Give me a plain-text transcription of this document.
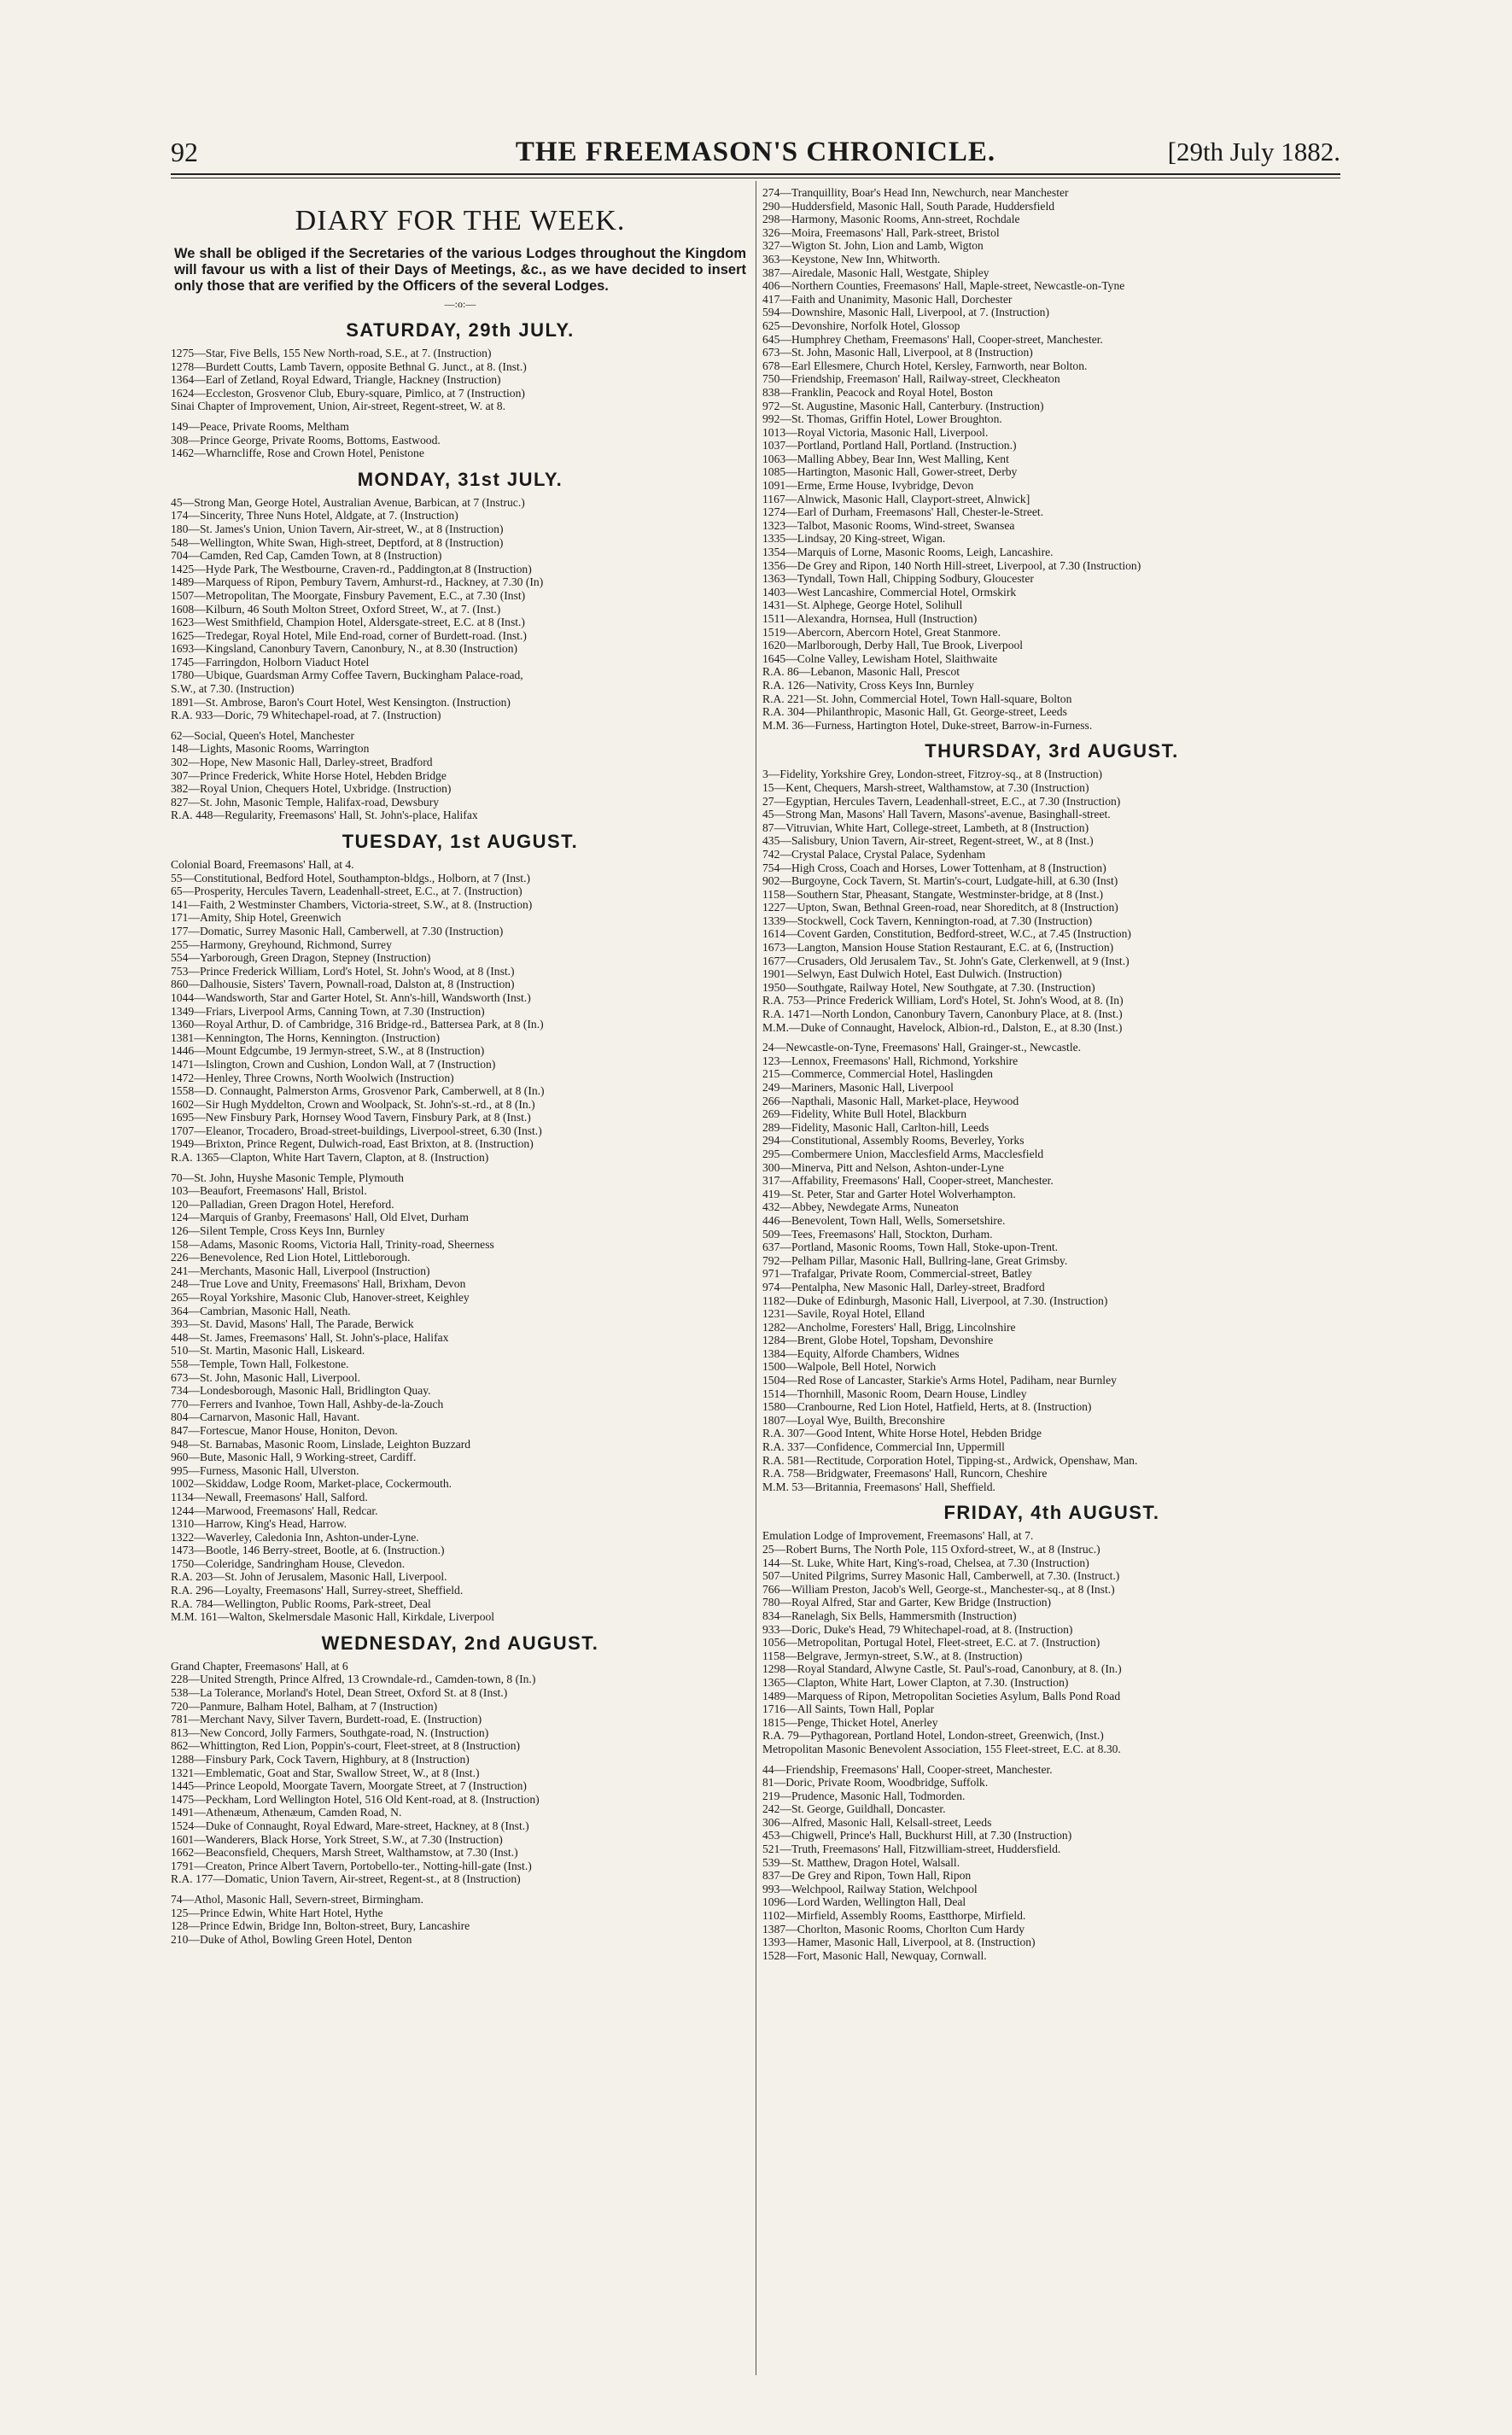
92	THE FREEMASON'S CHRONICLE.	[29th July 1882.
DIARY FOR THE WEEK.
We shall be obliged if the Secretaries of the various Lodges throughout the Kingdom will favour us with a list of their Days of Meetings, &c., as we have decided to insert only those that are verified by the Officers of the several Lodges.
—:o:—
SATURDAY, 29th JULY.
1275—Star, Five Bells, 155 New North-road, S.E., at 7. (Instruction)
1278—Burdett Coutts, Lamb Tavern, opposite Bethnal G. Junct., at 8. (Inst.)
1364—Earl of Zetland, Royal Edward, Triangle, Hackney (Instruction)
1624—Eccleston, Grosvenor Club, Ebury-square, Pimlico, at 7 (Instruction)
Sinai Chapter of Improvement, Union, Air-street, Regent-street, W. at 8.
149—Peace, Private Rooms, Meltham
308—Prince George, Private Rooms, Bottoms, Eastwood.
1462—Wharncliffe, Rose and Crown Hotel, Penistone
MONDAY, 31st JULY.
45—Strong Man, George Hotel, Australian Avenue, Barbican, at 7 (Instruc.)
174—Sincerity, Three Nuns Hotel, Aldgate, at 7. (Instruction)
180—St. James's Union, Union Tavern, Air-street, W., at 8 (Instruction)
548—Wellington, White Swan, High-street, Deptford, at 8 (Instruction)
704—Camden, Red Cap, Camden Town, at 8 (Instruction)
1425—Hyde Park, The Westbourne, Craven-rd., Paddington,at 8 (Instruction)
1489—Marquess of Ripon, Pembury Tavern, Amhurst-rd., Hackney, at 7.30 (In)
1507—Metropolitan, The Moorgate, Finsbury Pavement, E.C., at 7.30 (Inst)
1608—Kilburn, 46 South Molton Street, Oxford Street, W., at 7. (Inst.)
1623—West Smithfield, Champion Hotel, Aldersgate-street, E.C. at 8 (Inst.)
1625—Tredegar, Royal Hotel, Mile End-road, corner of Burdett-road. (Inst.)
1693—Kingsland, Canonbury Tavern, Canonbury, N., at 8.30 (Instruction)
1745—Farringdon, Holborn Viaduct Hotel
1780—Ubique, Guardsman Army Coffee Tavern, Buckingham Palace-road,
S.W., at 7.30. (Instruction)
1891—St. Ambrose, Baron's Court Hotel, West Kensington. (Instruction)
R.A. 933—Doric, 79 Whitechapel-road, at 7. (Instruction)
62—Social, Queen's Hotel, Manchester
148—Lights, Masonic Rooms, Warrington
302—Hope, New Masonic Hall, Darley-street, Bradford
307—Prince Frederick, White Horse Hotel, Hebden Bridge
382—Royal Union, Chequers Hotel, Uxbridge. (Instruction)
827—St. John, Masonic Temple, Halifax-road, Dewsbury
R.A. 448—Regularity, Freemasons' Hall, St. John's-place, Halifax
TUESDAY, 1st AUGUST.
Colonial Board, Freemasons' Hall, at 4.
55—Constitutional, Bedford Hotel, Southampton-bldgs., Holborn, at 7 (Inst.)
65—Prosperity, Hercules Tavern, Leadenhall-street, E.C., at 7. (Instruction)
141—Faith, 2 Westminster Chambers, Victoria-street, S.W., at 8. (Instruction)
171—Amity, Ship Hotel, Greenwich
177—Domatic, Surrey Masonic Hall, Camberwell, at 7.30 (Instruction)
255—Harmony, Greyhound, Richmond, Surrey
554—Yarborough, Green Dragon, Stepney (Instruction)
753—Prince Frederick William, Lord's Hotel, St. John's Wood, at 8 (Inst.)
860—Dalhousie, Sisters' Tavern, Pownall-road, Dalston at, 8 (Instruction)
1044—Wandsworth, Star and Garter Hotel, St. Ann's-hill, Wandsworth (Inst.)
1349—Friars, Liverpool Arms, Canning Town, at 7.30 (Instruction)
1360—Royal Arthur, D. of Cambridge, 316 Bridge-rd., Battersea Park, at 8 (In.)
1381—Kennington, The Horns, Kennington. (Instruction)
1446—Mount Edgcumbe, 19 Jermyn-street, S.W., at 8 (Instruction)
1471—Islington, Crown and Cushion, London Wall, at 7 (Instruction)
1472—Henley, Three Crowns, North Woolwich (Instruction)
1558—D. Connaught, Palmerston Arms, Grosvenor Park, Camberwell, at 8 (In.)
1602—Sir Hugh Myddelton, Crown and Woolpack, St. John's-st.-rd., at 8 (In.)
1695—New Finsbury Park, Hornsey Wood Tavern, Finsbury Park, at 8 (Inst.)
1707—Eleanor, Trocadero, Broad-street-buildings, Liverpool-street, 6.30 (Inst.)
1949—Brixton, Prince Regent, Dulwich-road, East Brixton, at 8. (Instruction)
R.A. 1365—Clapton, White Hart Tavern, Clapton, at 8. (Instruction)
70—St. John, Huyshe Masonic Temple, Plymouth
103—Beaufort, Freemasons' Hall, Bristol.
120—Palladian, Green Dragon Hotel, Hereford.
124—Marquis of Granby, Freemasons' Hall, Old Elvet, Durham
126—Silent Temple, Cross Keys Inn, Burnley
158—Adams, Masonic Rooms, Victoria Hall, Trinity-road, Sheerness
226—Benevolence, Red Lion Hotel, Littleborough.
241—Merchants, Masonic Hall, Liverpool (Instruction)
248—True Love and Unity, Freemasons' Hall, Brixham, Devon
265—Royal Yorkshire, Masonic Club, Hanover-street, Keighley
364—Cambrian, Masonic Hall, Neath.
393—St. David, Masons' Hall, The Parade, Berwick
448—St. James, Freemasons' Hall, St. John's-place, Halifax
510—St. Martin, Masonic Hall, Liskeard.
558—Temple, Town Hall, Folkestone.
673—St. John, Masonic Hall, Liverpool.
734—Londesborough, Masonic Hall, Bridlington Quay.
770—Ferrers and Ivanhoe, Town Hall, Ashby-de-la-Zouch
804—Carnarvon, Masonic Hall, Havant.
847—Fortescue, Manor House, Honiton, Devon.
948—St. Barnabas, Masonic Room, Linslade, Leighton Buzzard
960—Bute, Masonic Hall, 9 Working-street, Cardiff.
995—Furness, Masonic Hall, Ulverston.
1002—Skiddaw, Lodge Room, Market-place, Cockermouth.
1134—Newall, Freemasons' Hall, Salford.
1244—Marwood, Freemasons' Hall, Redcar.
1310—Harrow, King's Head, Harrow.
1322—Waverley, Caledonia Inn, Ashton-under-Lyne.
1473—Bootle, 146 Berry-street, Bootle, at 6. (Instruction.)
1750—Coleridge, Sandringham House, Clevedon.
R.A. 203—St. John of Jerusalem, Masonic Hall, Liverpool.
R.A. 296—Loyalty, Freemasons' Hall, Surrey-street, Sheffield.
R.A. 784—Wellington, Public Rooms, Park-street, Deal
M.M. 161—Walton, Skelmersdale Masonic Hall, Kirkdale, Liverpool
WEDNESDAY, 2nd AUGUST.
Grand Chapter, Freemasons' Hall, at 6
228—United Strength, Prince Alfred, 13 Crowndale-rd., Camden-town, 8 (In.)
538—La Tolerance, Morland's Hotel, Dean Street, Oxford St. at 8 (Inst.)
720—Panmure, Balham Hotel, Balham, at 7 (Instruction)
781—Merchant Navy, Silver Tavern, Burdett-road, E. (Instruction)
813—New Concord, Jolly Farmers, Southgate-road, N. (Instruction)
862—Whittington, Red Lion, Poppin's-court, Fleet-street, at 8 (Instruction)
1288—Finsbury Park, Cock Tavern, Highbury, at 8 (Instruction)
1321—Emblematic, Goat and Star, Swallow Street, W., at 8 (Inst.)
1445—Prince Leopold, Moorgate Tavern, Moorgate Street, at 7 (Instruction)
1475—Peckham, Lord Wellington Hotel, 516 Old Kent-road, at 8. (Instruction)
1491—Athenæum, Athenæum, Camden Road, N.
1524—Duke of Connaught, Royal Edward, Mare-street, Hackney, at 8 (Inst.)
1601—Wanderers, Black Horse, York Street, S.W., at 7.30 (Instruction)
1662—Beaconsfield, Chequers, Marsh Street, Walthamstow, at 7.30 (Inst.)
1791—Creaton, Prince Albert Tavern, Portobello-ter., Notting-hill-gate (Inst.)
R.A. 177—Domatic, Union Tavern, Air-street, Regent-st., at 8 (Instruction)
74—Athol, Masonic Hall, Severn-street, Birmingham.
125—Prince Edwin, White Hart Hotel, Hythe
128—Prince Edwin, Bridge Inn, Bolton-street, Bury, Lancashire
210—Duke of Athol, Bowling Green Hotel, Denton
274—Tranquillity, Boar's Head Inn, Newchurch, near Manchester
290—Huddersfield, Masonic Hall, South Parade, Huddersfield
298—Harmony, Masonic Rooms, Ann-street, Rochdale
326—Moira, Freemasons' Hall, Park-street, Bristol
327—Wigton St. John, Lion and Lamb, Wigton
363—Keystone, New Inn, Whitworth.
387—Airedale, Masonic Hall, Westgate, Shipley
406—Northern Counties, Freemasons' Hall, Maple-street, Newcastle-on-Tyne
417—Faith and Unanimity, Masonic Hall, Dorchester
594—Downshire, Masonic Hall, Liverpool, at 7. (Instruction)
625—Devonshire, Norfolk Hotel, Glossop
645—Humphrey Chetham, Freemasons' Hall, Cooper-street, Manchester.
673—St. John, Masonic Hall, Liverpool, at 8 (Instruction)
678—Earl Ellesmere, Church Hotel, Kersley, Farnworth, near Bolton.
750—Friendship, Freemason' Hall, Railway-street, Cleckheaton
838—Franklin, Peacock and Royal Hotel, Boston
972—St. Augustine, Masonic Hall, Canterbury. (Instruction)
992—St. Thomas, Griffin Hotel, Lower Broughton.
1013—Royal Victoria, Masonic Hall, Liverpool.
1037—Portland, Portland Hall, Portland. (Instruction.)
1063—Malling Abbey, Bear Inn, West Malling, Kent
1085—Hartington, Masonic Hall, Gower-street, Derby
1091—Erme, Erme House, Ivybridge, Devon
1167—Alnwick, Masonic Hall, Clayport-street, Alnwick]
1274—Earl of Durham, Freemasons' Hall, Chester-le-Street.
1323—Talbot, Masonic Rooms, Wind-street, Swansea
1335—Lindsay, 20 King-street, Wigan.
1354—Marquis of Lorne, Masonic Rooms, Leigh, Lancashire.
1356—De Grey and Ripon, 140 North Hill-street, Liverpool, at 7.30 (Instruction)
1363—Tyndall, Town Hall, Chipping Sodbury, Gloucester
1403—West Lancashire, Commercial Hotel, Ormskirk
1431—St. Alphege, George Hotel, Solihull
1511—Alexandra, Hornsea, Hull (Instruction)
1519—Abercorn, Abercorn Hotel, Great Stanmore.
1620—Marlborough, Derby Hall, Tue Brook, Liverpool
1645—Colne Valley, Lewisham Hotel, Slaithwaite
R.A. 86—Lebanon, Masonic Hall, Prescot
R.A. 126—Nativity, Cross Keys Inn, Burnley
R.A. 221—St. John, Commercial Hotel, Town Hall-square, Bolton
R.A. 304—Philanthropic, Masonic Hall, Gt. George-street, Leeds
M.M. 36—Furness, Hartington Hotel, Duke-street, Barrow-in-Furness.
THURSDAY, 3rd AUGUST.
3—Fidelity, Yorkshire Grey, London-street, Fitzroy-sq., at 8 (Instruction)
15—Kent, Chequers, Marsh-street, Walthamstow, at 7.30 (Instruction)
27—Egyptian, Hercules Tavern, Leadenhall-street, E.C., at 7.30 (Instruction)
45—Strong Man, Masons' Hall Tavern, Masons'-avenue, Basinghall-street.
87—Vitruvian, White Hart, College-street, Lambeth, at 8 (Instruction)
435—Salisbury, Union Tavern, Air-street, Regent-street, W., at 8 (Inst.)
742—Crystal Palace, Crystal Palace, Sydenham
754—High Cross, Coach and Horses, Lower Tottenham, at 8 (Instruction)
902—Burgoyne, Cock Tavern, St. Martin's-court, Ludgate-hill, at 6.30 (Inst)
1158—Southern Star, Pheasant, Stangate, Westminster-bridge, at 8 (Inst.)
1227—Upton, Swan, Bethnal Green-road, near Shoreditch, at 8 (Instruction)
1339—Stockwell, Cock Tavern, Kennington-road, at 7.30 (Instruction)
1614—Covent Garden, Constitution, Bedford-street, W.C., at 7.45 (Instruction)
1673—Langton, Mansion House Station Restaurant, E.C. at 6, (Instruction)
1677—Crusaders, Old Jerusalem Tav., St. John's Gate, Clerkenwell, at 9 (Inst.)
1901—Selwyn, East Dulwich Hotel, East Dulwich. (Instruction)
1950—Southgate, Railway Hotel, New Southgate, at 7.30. (Instruction)
R.A. 753—Prince Frederick William, Lord's Hotel, St. John's Wood, at 8. (In)
R.A. 1471—North London, Canonbury Tavern, Canonbury Place, at 8. (Inst.)
M.M.—Duke of Connaught, Havelock, Albion-rd., Dalston, E., at 8.30 (Inst.)
24—Newcastle-on-Tyne, Freemasons' Hall, Grainger-st., Newcastle.
123—Lennox, Freemasons' Hall, Richmond, Yorkshire
215—Commerce, Commercial Hotel, Haslingden
249—Mariners, Masonic Hall, Liverpool
266—Napthali, Masonic Hall, Market-place, Heywood
269—Fidelity, White Bull Hotel, Blackburn
289—Fidelity, Masonic Hall, Carlton-hill, Leeds
294—Constitutional, Assembly Rooms, Beverley, Yorks
295—Combermere Union, Macclesfield Arms, Macclesfield
300—Minerva, Pitt and Nelson, Ashton-under-Lyne
317—Affability, Freemasons' Hall, Cooper-street, Manchester.
419—St. Peter, Star and Garter Hotel Wolverhampton.
432—Abbey, Newdegate Arms, Nuneaton
446—Benevolent, Town Hall, Wells, Somersetshire.
509—Tees, Freemasons' Hall, Stockton, Durham.
637—Portland, Masonic Rooms, Town Hall, Stoke-upon-Trent.
792—Pelham Pillar, Masonic Hall, Bullring-lane, Great Grimsby.
971—Trafalgar, Private Room, Commercial-street, Batley
974—Pentalpha, New Masonic Hall, Darley-street, Bradford
1182—Duke of Edinburgh, Masonic Hall, Liverpool, at 7.30. (Instruction)
1231—Savile, Royal Hotel, Elland
1282—Ancholme, Foresters' Hall, Brigg, Lincolnshire
1284—Brent, Globe Hotel, Topsham, Devonshire
1384—Equity, Alforde Chambers, Widnes
1500—Walpole, Bell Hotel, Norwich
1504—Red Rose of Lancaster, Starkie's Arms Hotel, Padiham, near Burnley
1514—Thornhill, Masonic Room, Dearn House, Lindley
1580—Cranbourne, Red Lion Hotel, Hatfield, Herts, at 8. (Instruction)
1807—Loyal Wye, Builth, Breconshire
R.A. 307—Good Intent, White Horse Hotel, Hebden Bridge
R.A. 337—Confidence, Commercial Inn, Uppermill
R.A. 581—Rectitude, Corporation Hotel, Tipping-st., Ardwick, Openshaw, Man.
R.A. 758—Bridgwater, Freemasons' Hall, Runcorn, Cheshire
M.M. 53—Britannia, Freemasons' Hall, Sheffield.
FRIDAY, 4th AUGUST.
Emulation Lodge of Improvement, Freemasons' Hall, at 7.
25—Robert Burns, The North Pole, 115 Oxford-street, W., at 8 (Instruc.)
144—St. Luke, White Hart, King's-road, Chelsea, at 7.30 (Instruction)
507—United Pilgrims, Surrey Masonic Hall, Camberwell, at 7.30. (Instruct.)
766—William Preston, Jacob's Well, George-st., Manchester-sq., at 8 (Inst.)
780—Royal Alfred, Star and Garter, Kew Bridge (Instruction)
834—Ranelagh, Six Bells, Hammersmith (Instruction)
933—Doric, Duke's Head, 79 Whitechapel-road, at 8. (Instruction)
1056—Metropolitan, Portugal Hotel, Fleet-street, E.C. at 7. (Instruction)
1158—Belgrave, Jermyn-street, S.W., at 8. (Instruction)
1298—Royal Standard, Alwyne Castle, St. Paul's-road, Canonbury, at 8. (In.)
1365—Clapton, White Hart, Lower Clapton, at 7.30. (Instruction)
1489—Marquess of Ripon, Metropolitan Societies Asylum, Balls Pond Road
1716—All Saints, Town Hall, Poplar
1815—Penge, Thicket Hotel, Anerley
R.A. 79—Pythagorean, Portland Hotel, London-street, Greenwich, (Inst.)
Metropolitan Masonic Benevolent Association, 155 Fleet-street, E.C. at 8.30.
44—Friendship, Freemasons' Hall, Cooper-street, Manchester.
81—Doric, Private Room, Woodbridge, Suffolk.
219—Prudence, Masonic Hall, Todmorden.
242—St. George, Guildhall, Doncaster.
306—Alfred, Masonic Hall, Kelsall-street, Leeds
453—Chigwell, Prince's Hall, Buckhurst Hill, at 7.30 (Instruction)
521—Truth, Freemasons' Hall, Fitzwilliam-street, Huddersfield.
539—St. Matthew, Dragon Hotel, Walsall.
837—De Grey and Ripon, Town Hall, Ripon
993—Welchpool, Railway Station, Welchpool
1096—Lord Warden, Wellington Hall, Deal
1102—Mirfield, Assembly Rooms, Eastthorpe, Mirfield.
1387—Chorlton, Masonic Rooms, Chorlton Cum Hardy
1393—Hamer, Masonic Hall, Liverpool, at 8. (Instruction)
1528—Fort, Masonic Hall, Newquay, Cornwall.
